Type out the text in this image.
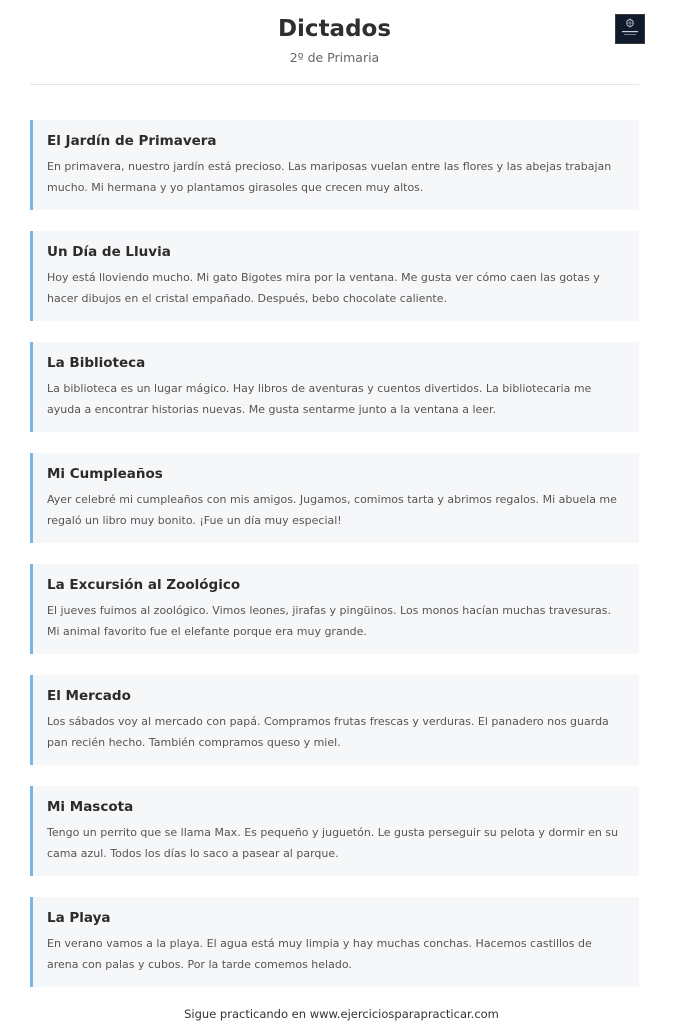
Dictados
2º de Primaria
El Jardín de Primavera

En primavera, nuestro jardín está precioso. Las mariposas vuelan entre las flores y las abejas trabajan mucho. Mi hermana y yo plantamos girasoles que crecen muy altos.

Un Día de Lluvia

Hoy está lloviendo mucho. Mi gato Bigotes mira por la ventana. Me gusta ver cómo caen las gotas y hacer dibujos en el cristal empañado. Después, bebo chocolate caliente.

La Biblioteca

La biblioteca es un lugar mágico. Hay libros de aventuras y cuentos divertidos. La bibliotecaria me ayuda a encontrar historias nuevas. Me gusta sentarme junto a la ventana a leer.

Mi Cumpleaños

Ayer celebré mi cumpleaños con mis amigos. Jugamos, comimos tarta y abrimos regalos. Mi abuela me regaló un libro muy bonito. ¡Fue un día muy especial!

La Excursión al Zoológico

El jueves fuimos al zoológico. Vimos leones, jirafas y pingüinos. Los monos hacían muchas travesuras. Mi animal favorito fue el elefante porque era muy grande.

El Mercado

Los sábados voy al mercado con papá. Compramos frutas frescas y verduras. El panadero nos guarda pan recién hecho. También compramos queso y miel.

Mi Mascota

Tengo un perrito que se llama Max. Es pequeño y juguetón. Le gusta perseguir su pelota y dormir en su cama azul. Todos los días lo saco a pasear al parque.

La Playa

En verano vamos a la playa. El agua está muy limpia y hay muchas conchas. Hacemos castillos de arena con palas y cubos. Por la tarde comemos helado.

Sigue practicando en www.ejerciciosparapracticar.com
